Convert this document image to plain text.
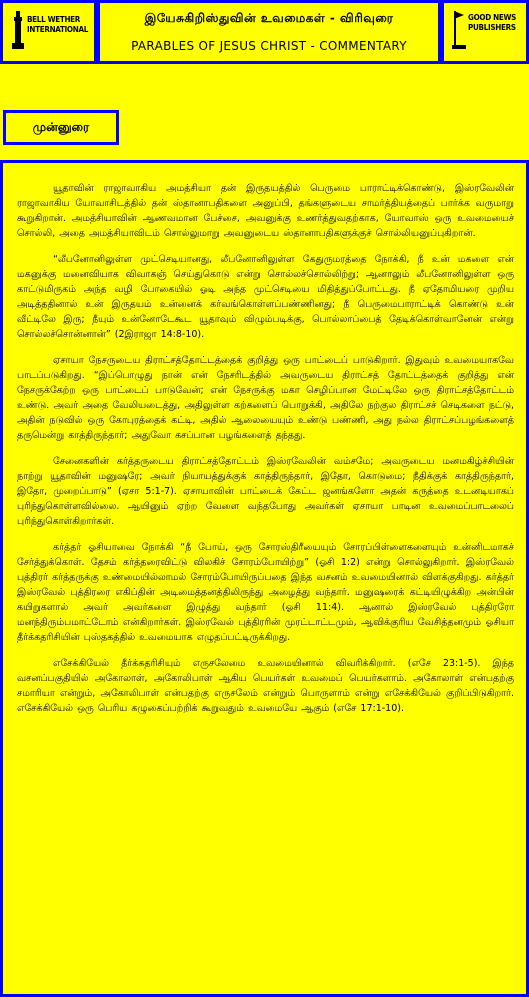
BELL WETHER
INTERNATIONAL
இயேசுகிறிஸ்துவின் உவமைகள் - விரிவுரை
PARABLES OF JESUS CHRIST - COMMENTARY
GOOD NEWS
PUBLISHERS
முன்னுரை

யூதாவின் ராஜாவாகிய அமத்சியா தன் இருதயத்தில் பெருமை பாராட்டிக்கொண்டு, இஸ்ரவேலின் ராஜாவாகிய யோவாசிடத்தில் தன் ஸ்தானாபதிகளை அனுப்பி, தங்களுடைய சாமர்த்தியத்தைப் பார்க்க வருமாறு கூறுகிறான். அமத்சியாவின் ஆணவமான பேச்சை, அவனுக்கு உணர்த்துவதற்காக, யோவாஸ் ஒரு உவமையைச் சொல்லி, அதை அமத்சியாவிடம் சொல்லுமாறு அவனுடைய ஸ்தானாபதிகளுக்குச் சொல்லியனுப்புகிறான்.

“லீபனோனிலுள்ள முட்செடியானது, லீபனோனிலுள்ள கேதுருமரத்தை நோக்கி, நீ உன் மகளை என் மகனுக்கு மனைவியாக விவாகஞ் செய்துகொடு என்று சொல்லச்சொல்லிற்று; ஆனாலும் லீபனோனிலுள்ள ஒரு காட்டுமிருகம் அந்த வழி போகையில் ஓடி அந்த முட்செடியை மிதித்துப்போட்டது. நீ ஏதோமியரை முறிய அடித்ததினால் உன் இருதயம் உன்னைக் கர்வங்கொள்ளப்பண்ணினது; நீ பெருமைபாராட்டிக் கொண்டு உன் வீட்டிலே இரு; நீயும் உன்னோடேகூட யூதாவும் விழும்படிக்கு, பொல்லாப்பைத் தேடிக்கொள்வானேன் என்று சொல்லச்சொன்னான்” (2இராஜா 14:8-10).

ஏசாயா நேசருடைய திராட்சத்தோட்டத்தைக் குறித்து ஒரு பாட்டைப் பாடுகிறார். இதுவும் உவமையாகவே பாடப்படுகிறது. “இப்பொழுது நான் என் நேசரிடத்தில் அவருடைய திராட்சத் தோட்டத்தைக் குறித்து என் நேசருக்கேற்ற ஒரு பாட்டைப் பாடுவேன்; என் நேசருக்கு மகா செழிப்பான மேட்டிலே ஒரு திராட்சத்தோட்டம் உண்டு. அவர் அதை வேலியடைத்து, அதிலுள்ள கற்களைப் பொறுக்கி, அதிலே நற்குல திராட்சச் செடிகளை நட்டு, அதின் நடுவில் ஒரு கோபுரத்தைக் கட்டி, அதில் ஆலையையும் உண்டு பண்ணி, அது நல்ல திராட்சப்பழங்களைத் தருமென்று காத்திருந்தார்; அதுவோ கசப்பான பழங்களைத் தந்தது.

சேனைகளின் கர்த்தருடைய திராட்சத்தோட்டம் இஸ்ரவேலின் வம்சமே; அவருடைய மனமகிழ்ச்சியின் நாற்று யூதாவின் மனுஷரே; அவர் நியாயத்துக்குக் காத்திருந்தார், இதோ, கொடுமை; நீதிக்குக் காத்திருந்தார், இதோ, முறைப்பாடு” (ஏசா 5:1-7). ஏசாயாவின் பாட்டைக் கேட்ட ஜனங்களோ அதன் கருத்தை உடனடியாகப் புரிந்துகொள்ளவில்லை. ஆயினும் ஏற்ற வேளை வந்தபோது அவர்கள் ஏசாயா பாடின உவமைப்பாடலைப் புரிந்துகொள்கிறார்கள்.

கர்த்தர் ஓசியாவை நோக்கி “நீ போய், ஒரு சோரஸ்திரீயையும் சோரப்பிள்ளைகளையும் உன்னிடமாகச் சேர்த்துக்கொள். தேசம் கர்த்தரைவிட்டு விலகிச் சோரம்போயிற்று” (ஓசி 1:2) என்று சொல்லுகிறார். இஸ்ரவேல் புத்திரர் கர்த்தருக்கு உண்மையில்லாமல் சோரம்போயிருப்பதை இந்த வசனம் உவமையினால் விளக்குகிறது. கர்த்தர் இஸ்ரவேல் புத்திரரை எகிப்தின் அடிமைத்தனத்திலிருந்து அழைத்து வந்தார். மனுஷரைக் கட்டியிழுக்கிற அன்பின் கயிறுகளால் அவர் அவர்களை இழுத்து வந்தார் (ஓசி 11:4). ஆனால் இஸ்ரவேல் புத்திரரோ மனந்திரும்பமாட்டோம் என்கிறார்கள். இஸ்ரவேல் புத்திரரின் முரட்டாட்டமும், ஆவிக்குரிய வேசித்தனமும் ஓசியா தீர்க்கதரிசியின் புஸ்தகத்தில் உவமையாக எழுதப்பட்டிருக்கிறது.

எசேக்கியேல் தீர்க்கதரிசியும் எருசலேமை உவமையினால் விவரிக்கிறார். (எசே 23:1-5). இந்த வசனப்பகுதியில் அகோலாள், அகோலிபாள் ஆகிய பெயர்கள் உவமைப் பெயர்களாம். அகோலாள் என்பதற்கு சமாரியா என்றும், அகோலிபாள் என்பதற்கு எருசலேம் என்றும் பொருளாம் என்று எசேக்கியேல் குறிப்பிடுகிறார். எசேக்கியேல் ஒரு பெரிய கழுகைப்பற்றிக் கூறுவதும் உவமையே ஆகும் (எசே 17:1-10).
